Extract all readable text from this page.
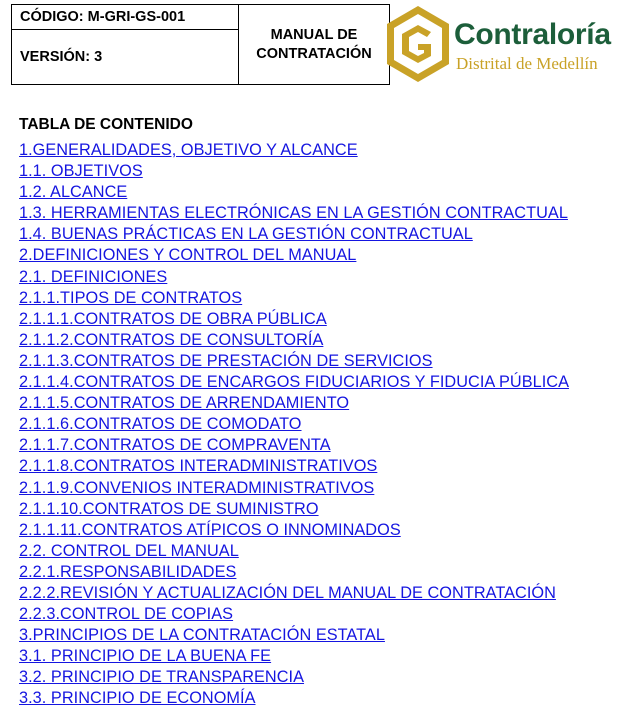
CÓDIGO: M-GRI-GS-001	
MANUAL DE
CONTRATACIÓN

VERSIÓN: 3
Contraloría
Distrital de Medellín
TABLA DE CONTENIDO
1.GENERALIDADES, OBJETIVO Y ALCANCE
1.1. OBJETIVOS
1.2. ALCANCE
1.3. HERRAMIENTAS ELECTRÓNICAS EN LA GESTIÓN CONTRACTUAL
1.4. BUENAS PRÁCTICAS EN LA GESTIÓN CONTRACTUAL
2.DEFINICIONES Y CONTROL DEL MANUAL
2.1. DEFINICIONES
2.1.1.TIPOS DE CONTRATOS
2.1.1.1.CONTRATOS DE OBRA PÚBLICA
2.1.1.2.CONTRATOS DE CONSULTORÍA
2.1.1.3.CONTRATOS DE PRESTACIÓN DE SERVICIOS
2.1.1.4.CONTRATOS DE ENCARGOS FIDUCIARIOS Y FIDUCIA PÚBLICA
2.1.1.5.CONTRATOS DE ARRENDAMIENTO
2.1.1.6.CONTRATOS DE COMODATO
2.1.1.7.CONTRATOS DE COMPRAVENTA
2.1.1.8.CONTRATOS INTERADMINISTRATIVOS
2.1.1.9.CONVENIOS INTERADMINISTRATIVOS
2.1.1.10.CONTRATOS DE SUMINISTRO
2.1.1.11.CONTRATOS ATÍPICOS O INNOMINADOS
2.2. CONTROL DEL MANUAL
2.2.1.RESPONSABILIDADES
2.2.2.REVISIÓN Y ACTUALIZACIÓN DEL MANUAL DE CONTRATACIÓN
2.2.3.CONTROL DE COPIAS
3.PRINCIPIOS DE LA CONTRATACIÓN ESTATAL
3.1. PRINCIPIO DE LA BUENA FE
3.2. PRINCIPIO DE TRANSPARENCIA
3.3. PRINCIPIO DE ECONOMÍA
